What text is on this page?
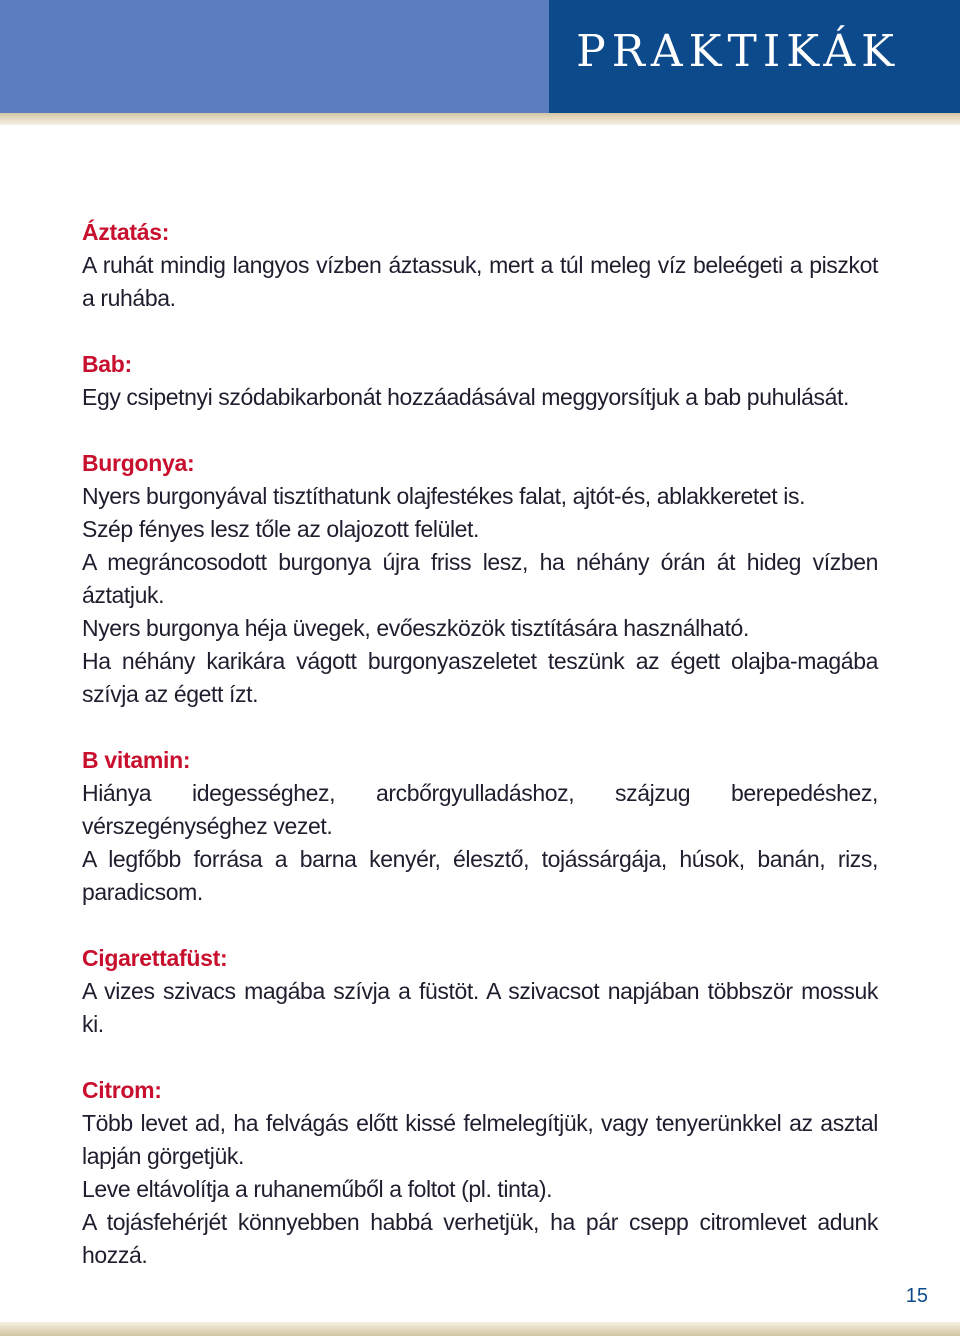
PRAKTIKÁK

Áztatás:

A ruhát mindig langyos vízben áztassuk, mert a túl meleg víz beleégeti a piszkot a ruhába.

Bab:

Egy csipetnyi szódabikarbonát hozzáadásával meggyorsítjuk a bab puhulását.

Burgonya:

Nyers burgonyával tisztíthatunk olajfestékes falat, ajtót-és, ablakkeretet is.

Szép fényes lesz tőle az olajozott felület.

A megráncosodott burgonya újra friss lesz, ha néhány órán át hideg vízben áztatjuk.

Nyers burgonya héja üvegek, evőeszközök tisztítására használható.

Ha néhány karikára vágott burgonyaszeletet teszünk az égett olajba-magába szívja az égett ízt.

B vitamin:

Hiánya idegességhez, arcbőrgyulladáshoz, szájzug berepedéshez, vérszegénységhez vezet.

A legfőbb forrása a barna kenyér, élesztő, tojássárgája, húsok, banán, rizs, paradicsom.

Cigarettafüst:

A vizes szivacs magába szívja a füstöt. A szivacsot napjában többször mossuk ki.

Citrom:

Több levet ad, ha felvágás előtt kissé felmelegítjük, vagy tenyerünkkel az asztal lapján görgetjük.

Leve eltávolítja a ruhaneműből a foltot (pl. tinta).

A tojásfehérjét könnyebben habbá verhetjük, ha pár csepp citromlevet adunk hozzá.

15
